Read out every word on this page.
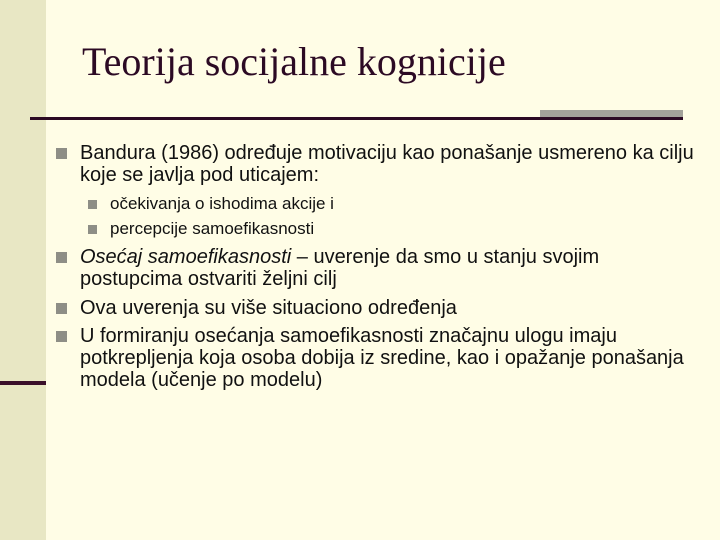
Teorija socijalne kognicije
Bandura (1986) određuje motivaciju kao ponašanje usmereno ka cilju koje se javlja pod uticajem:
očekivanja o ishodima akcije i
percepcije samoefikasnosti
Osećaj samoefikasnosti – uverenje da smo u stanju svojim postupcima ostvariti željni cilj
Ova uverenja su više situaciono određenja
U formiranju osećanja samoefikasnosti značajnu ulogu imaju potkrepljenja koja osoba dobija iz sredine, kao i opažanje ponašanja modela (učenje po modelu)
